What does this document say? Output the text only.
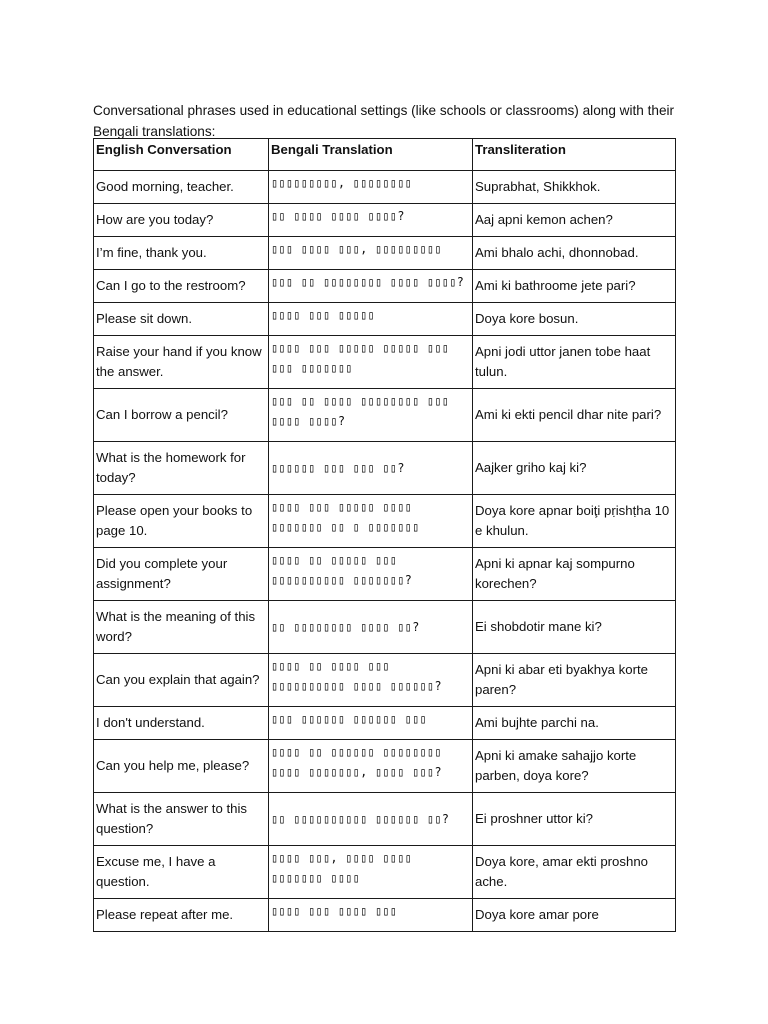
Conversational phrases used in educational settings (like schools or classrooms) along with their Bengali translations:

English Conversation	Bengali Translation	Transliteration
Good morning, teacher.	▯▯▯▯▯▯▯▯▯, ▯▯▯▯▯▯▯▯	Suprabhat, Shikkhok.
How are you today?	▯▯ ▯▯▯▯ ▯▯▯▯ ▯▯▯▯?	Aaj apni kemon achen?
I’m fine, thank you.	▯▯▯ ▯▯▯▯ ▯▯▯, ▯▯▯▯▯▯▯▯▯	Ami bhalo achi, dhonnobad.
Can I go to the restroom?	▯▯▯ ▯▯ ▯▯▯▯▯▯▯▯ ▯▯▯▯ ▯▯▯▯?	Ami ki bathroome jete pari?
Please sit down.	▯▯▯▯ ▯▯▯ ▯▯▯▯▯	Doya kore bosun.
Raise your hand if you know the answer.	▯▯▯▯ ▯▯▯ ▯▯▯▯▯ ▯▯▯▯▯ ▯▯▯ ▯▯▯ ▯▯▯▯▯▯▯	Apni jodi uttor janen tobe haat tulun.
Can I borrow a pencil?	▯▯▯ ▯▯ ▯▯▯▯ ▯▯▯▯▯▯▯▯ ▯▯▯ ▯▯▯▯ ▯▯▯▯?	Ami ki ekti pencil dhar nite pari?
What is the homework for today?	▯▯▯▯▯▯ ▯▯▯ ▯▯▯ ▯▯?	Aajker griho kaj ki?
Please open your books to page 10.	▯▯▯▯ ▯▯▯ ▯▯▯▯▯ ▯▯▯▯ ▯▯▯▯▯▯▯ ▯▯ ▯ ▯▯▯▯▯▯▯	Doya kore apnar boiţi pṛishṭha 10 e khulun.
Did you complete your assignment?	▯▯▯▯ ▯▯ ▯▯▯▯▯ ▯▯▯ ▯▯▯▯▯▯▯▯▯▯ ▯▯▯▯▯▯▯?	Apni ki apnar kaj sompurno korechen?
What is the meaning of this word?	▯▯ ▯▯▯▯▯▯▯▯ ▯▯▯▯ ▯▯?	Ei shobdotir mane ki?
Can you explain that again?	▯▯▯▯ ▯▯ ▯▯▯▯ ▯▯▯ ▯▯▯▯▯▯▯▯▯▯ ▯▯▯▯ ▯▯▯▯▯▯?	Apni ki abar eti byakhya korte paren?
I don't understand.	▯▯▯ ▯▯▯▯▯▯ ▯▯▯▯▯▯ ▯▯▯	Ami bujhte parchi na.
Can you help me, please?	▯▯▯▯ ▯▯ ▯▯▯▯▯▯ ▯▯▯▯▯▯▯▯ ▯▯▯▯ ▯▯▯▯▯▯▯, ▯▯▯▯ ▯▯▯?	Apni ki amake sahajjo korte parben, doya kore?
What is the answer to this question?	▯▯ ▯▯▯▯▯▯▯▯▯▯ ▯▯▯▯▯▯ ▯▯?	Ei proshner uttor ki?
Excuse me, I have a question.	▯▯▯▯ ▯▯▯, ▯▯▯▯ ▯▯▯▯ ▯▯▯▯▯▯▯ ▯▯▯▯	Doya kore, amar ekti proshno ache.
Please repeat after me.	▯▯▯▯ ▯▯▯ ▯▯▯▯ ▯▯▯	Doya kore amar pore
